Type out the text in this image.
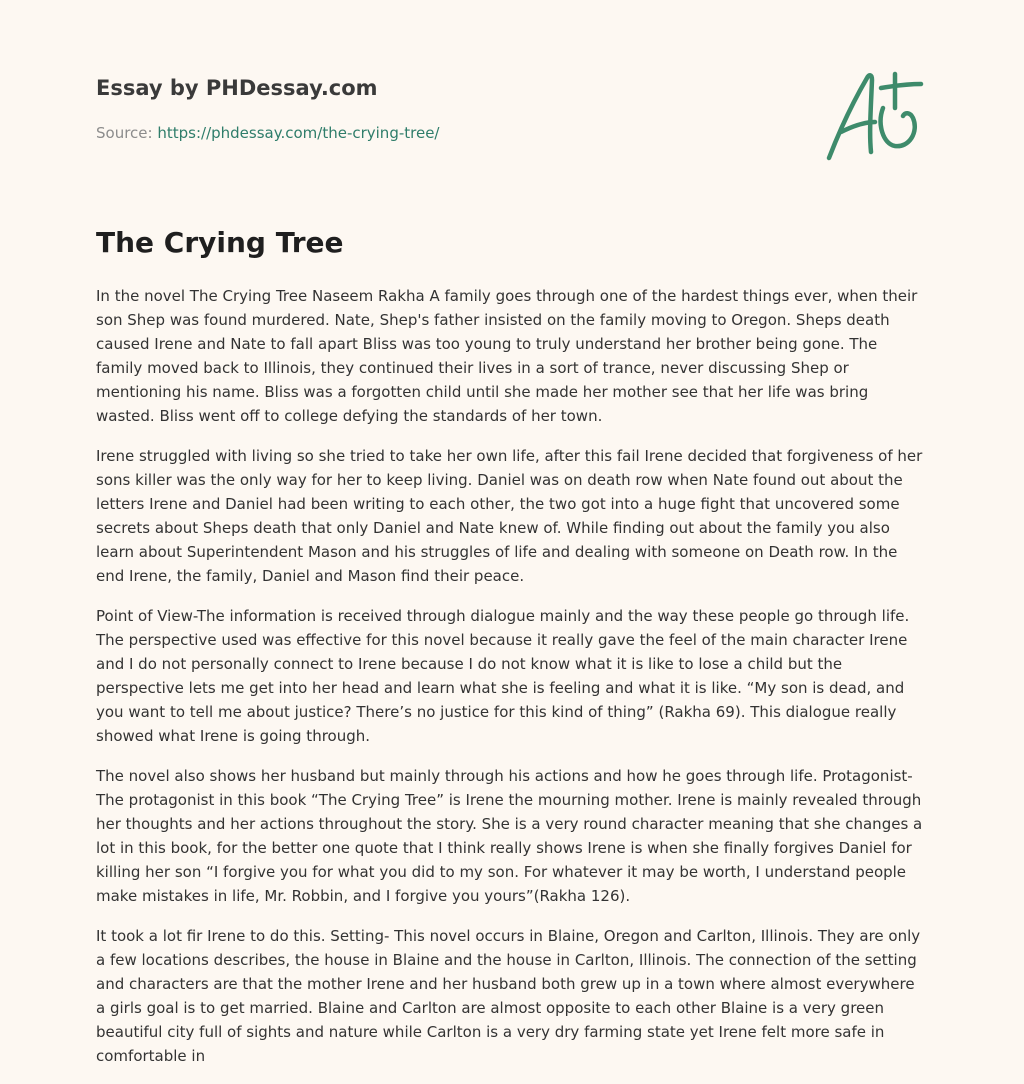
Essay by PHDessay.com
Source: https://phdessay.com/the-crying-tree/
The Crying Tree

In the novel The Crying Tree Naseem Rakha A family goes through one of the hardest things ever, when their son Shep was found murdered. Nate, Shep's father insisted on the family moving to Oregon. Sheps death caused Irene and Nate to fall apart Bliss was too young to truly understand her brother being gone. The family moved back to Illinois, they continued their lives in a sort of trance, never discussing Shep or mentioning his name. Bliss was a forgotten child until she made her mother see that her life was bring wasted. Bliss went off to college defying the standards of her town.

Irene struggled with living so she tried to take her own life, after this fail Irene decided that forgiveness of her sons killer was the only way for her to keep living. Daniel was on death row when Nate found out about the letters Irene and Daniel had been writing to each other, the two got into a huge fight that uncovered some secrets about Sheps death that only Daniel and Nate knew of. While finding out about the family you also learn about Superintendent Mason and his struggles of life and dealing with someone on Death row. In the end Irene, the family, Daniel and Mason find their peace.

Point of View-The information is received through dialogue mainly and the way these people go through life. The perspective used was effective for this novel because it really gave the feel of the main character Irene and I do not personally connect to Irene because I do not know what it is like to lose a child but the perspective lets me get into her head and learn what she is feeling and what it is like. “My son is dead, and you want to tell me about justice? There’s no justice for this kind of thing” (Rakha 69). This dialogue really showed what Irene is going through.

The novel also shows her husband but mainly through his actions and how he goes through life. Protagonist- The protagonist in this book “The Crying Tree” is Irene the mourning mother. Irene is mainly revealed through her thoughts and her actions throughout the story. She is a very round character meaning that she changes a lot in this book, for the better one quote that I think really shows Irene is when she finally forgives Daniel for killing her son “I forgive you for what you did to my son. For whatever it may be worth, I understand people make mistakes in life, Mr. Robbin, and I forgive you yours”(Rakha 126).

It took a lot fir Irene to do this. Setting- This novel occurs in Blaine, Oregon and Carlton, Illinois. They are only a few locations describes, the house in Blaine and the house in Carlton, Illinois. The connection of the setting and characters are that the mother Irene and her husband both grew up in a town where almost everywhere a girls goal is to get married. Blaine and Carlton are almost opposite to each other Blaine is a very green beautiful city full of sights and nature while Carlton is a very dry farming state yet Irene felt more safe in comfortable in
